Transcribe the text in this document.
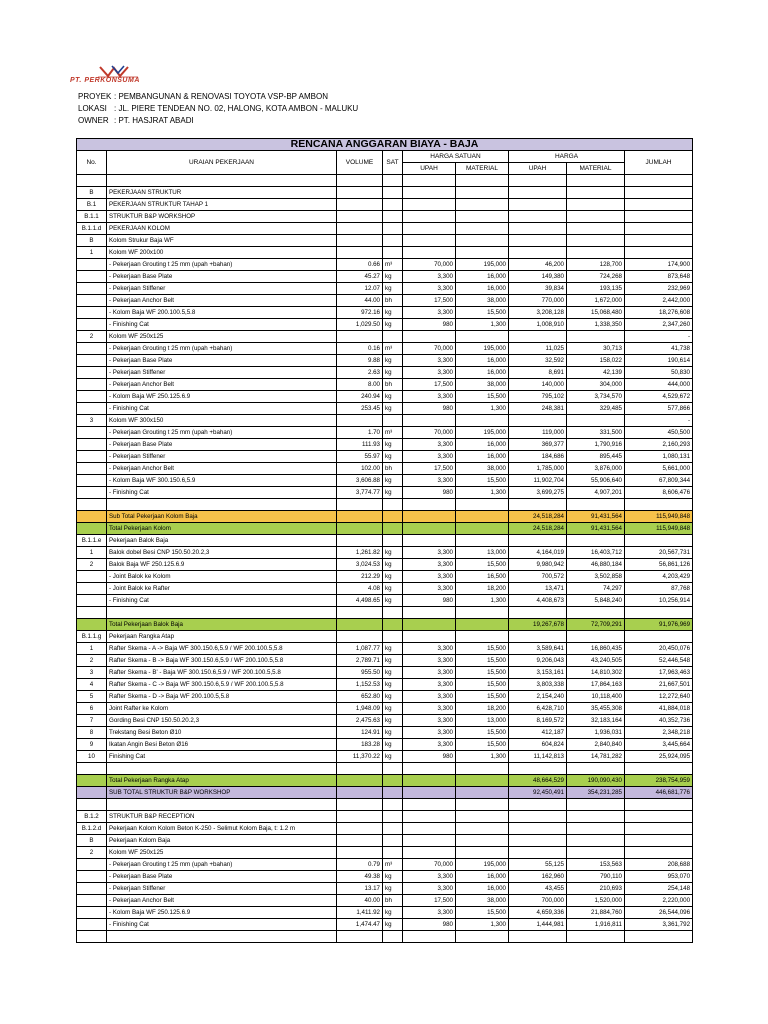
PT. PERKONSUMA
PROYEK : PEMBANGUNAN & RENOVASI TOYOTA VSP-BP AMBON
LOKASI : JL. PIERE TENDEAN NO. 02, HALONG, KOTA AMBON - MALUKU
OWNER : PT. HASJRAT ABADI
RENCANA ANGGARAN BIAYA - BAJA								
No.	URAIAN PEKERJAAN	VOLUME	SAT	HARGA SATUAN		HARGA		JUMLAH
				UPAH	MATERIAL	UPAH	MATERIAL	

B	PEKERJAAN STRUKTUR							
B.1	PEKERJAAN STRUKTUR TAHAP 1							
B.1.1	STRUKTUR B&P WORKSHOP							
B.1.1.d	PEKERJAAN KOLOM							
B	Kolom Strukur Baja WF							
1	Kolom WF 200x100							
	- Pekerjaan Grouting t 25 mm (upah +bahan)	0.66	m³	70,000	195,000	46,200	128,700	174,900
	- Pekerjaan Base Plate	45.27	kg	3,300	16,000	149,380	724,268	873,648
	- Pekerjaan Stiffener	12.07	kg	3,300	16,000	39,834	193,135	232,969
	- Pekerjaan Anchor Belt	44.00	bh	17,500	38,000	770,000	1,672,000	2,442,000
	- Kolom Baja WF 200.100.5,5.8	972.16	kg	3,300	15,500	3,208,128	15,068,480	18,276,608
	- Finishing Cat	1,029.50	kg	980	1,300	1,008,910	1,338,350	2,347,260
2	Kolom WF 250x125							-
	- Pekerjaan Grouting t 25 mm (upah +bahan)	0.16	m³	70,000	195,000	11,025	30,713	41,738
	- Pekerjaan Base Plate	9.88	kg	3,300	16,000	32,592	158,022	190,614
	- Pekerjaan Stiffener	2.63	kg	3,300	16,000	8,691	42,139	50,830
	- Pekerjaan Anchor Belt	8.00	bh	17,500	38,000	140,000	304,000	444,000
	- Kolom Baja WF 250.125.6.9	240.94	kg	3,300	15,500	795,102	3,734,570	4,529,672
	- Finishing Cat	253.45	kg	980	1,300	248,381	329,485	577,866
3	Kolom WF 300x150							-
	- Pekerjaan Grouting t 25 mm (upah +bahan)	1.70	m³	70,000	195,000	119,000	331,500	450,500
	- Pekerjaan Base Plate	111.93	kg	3,300	16,000	369,377	1,790,916	2,160,293
	- Pekerjaan Stiffener	55.97	kg	3,300	16,000	184,686	895,445	1,080,131
	- Pekerjaan Anchor Belt	102.00	bh	17,500	38,000	1,785,000	3,876,000	5,661,000
	- Kolom Baja WF 300.150.6,5.9	3,606.88	kg	3,300	15,500	11,902,704	55,906,640	67,809,344
	- Finishing Cat	3,774.77	kg	980	1,300	3,699,275	4,907,201	8,606,476

	Sub Total Pekerjaan Kolom Baja					24,518,284	91,431,564	115,949,848
	Total Pekerjaan Kolom					24,518,284	91,431,564	115,949,848
B.1.1.e	Pekerjaan Balok Baja							
1	Balok dobel Besi CNP 150.50.20.2,3	1,261.82	kg	3,300	13,000	4,164,019	16,403,712	20,567,731
2	Balok Baja WF 250.125.6.9	3,024.53	kg	3,300	15,500	9,980,942	46,880,184	56,861,126
	- Joint Balok ke Kolom	212.29	kg	3,300	16,500	700,572	3,502,858	4,203,429
	- Joint Balok ke Rafter	4.08	kg	3,300	18,200	13,471	74,297	87,768
	- Finishing Cat	4,498.65	kg	980	1,300	4,408,673	5,848,240	10,256,914

	Total Pekerjaan Balok Baja					19,267,678	72,709,291	91,976,969
B.1.1.g	Pekerjaan Rangka Atap							
1	Rafter Skema - A -> Baja WF 300.150.6,5.9 / WF 200.100.5,5.8	1,087.77	kg	3,300	15,500	3,589,641	16,860,435	20,450,076
2	Rafter Skema - B -> Baja WF 300.150.6,5.9 / WF 200.100.5,5.8	2,789.71	kg	3,300	15,500	9,206,043	43,240,505	52,446,548
3	Rafter Skema - B' - Baja WF 300.150.6,5.9 / WF 200.100.5,5.8	955.50	kg	3,300	15,500	3,153,161	14,810,302	17,963,463
4	Rafter Skema - C -> Baja WF 300.150.6,5.9 / WF 200.100.5,5.8	1,152.53	kg	3,300	15,500	3,803,338	17,864,163	21,667,501
5	Rafter Skema - D -> Baja WF 200.100.5,5.8	652.80	kg	3,300	15,500	2,154,240	10,118,400	12,272,640
6	Joint Rafter ke Kolom	1,948.09	kg	3,300	18,200	6,428,710	35,455,308	41,884,018
7	Gording Besi CNP 150.50.20.2,3	2,475.63	kg	3,300	13,000	8,169,572	32,183,164	40,352,736
8	Trekstang Besi Beton Ø10	124.91	kg	3,300	15,500	412,187	1,936,031	2,348,218
9	Ikatan Angin Besi Beton Ø16	183.28	kg	3,300	15,500	604,824	2,840,840	3,445,664
10	Finishing Cat	11,370.22	kg	980	1,300	11,142,813	14,781,282	25,924,095

	Total Pekerjaan Rangka Atap					48,664,529	190,090,430	238,754,959
	SUB TOTAL STRUKTUR B&P WORKSHOP					92,450,491	354,231,285	446,681,776

B.1.2	STRUKTUR B&P RECEPTION							
B.1.2.d	Pekerjaan Kolom Kolom Beton K-250 - Selimut Kolom Baja, t: 1.2 m							
B	Pekerjaan Kolom Baja							
2	Kolom WF 250x125							
	- Pekerjaan Grouting t 25 mm (upah +bahan)	0.79	m³	70,000	195,000	55,125	153,563	208,688
	- Pekerjaan Base Plate	49.38	kg	3,300	16,000	162,960	790,110	953,070
	- Pekerjaan Stiffener	13.17	kg	3,300	16,000	43,455	210,693	254,148
	- Pekerjaan Anchor Belt	40.00	bh	17,500	38,000	700,000	1,520,000	2,220,000
	- Kolom Baja WF 250.125.6.9	1,411.92	kg	3,300	15,500	4,659,336	21,884,760	26,544,096
	- Finishing Cat	1,474.47	kg	980	1,300	1,444,981	1,916,811	3,361,792
